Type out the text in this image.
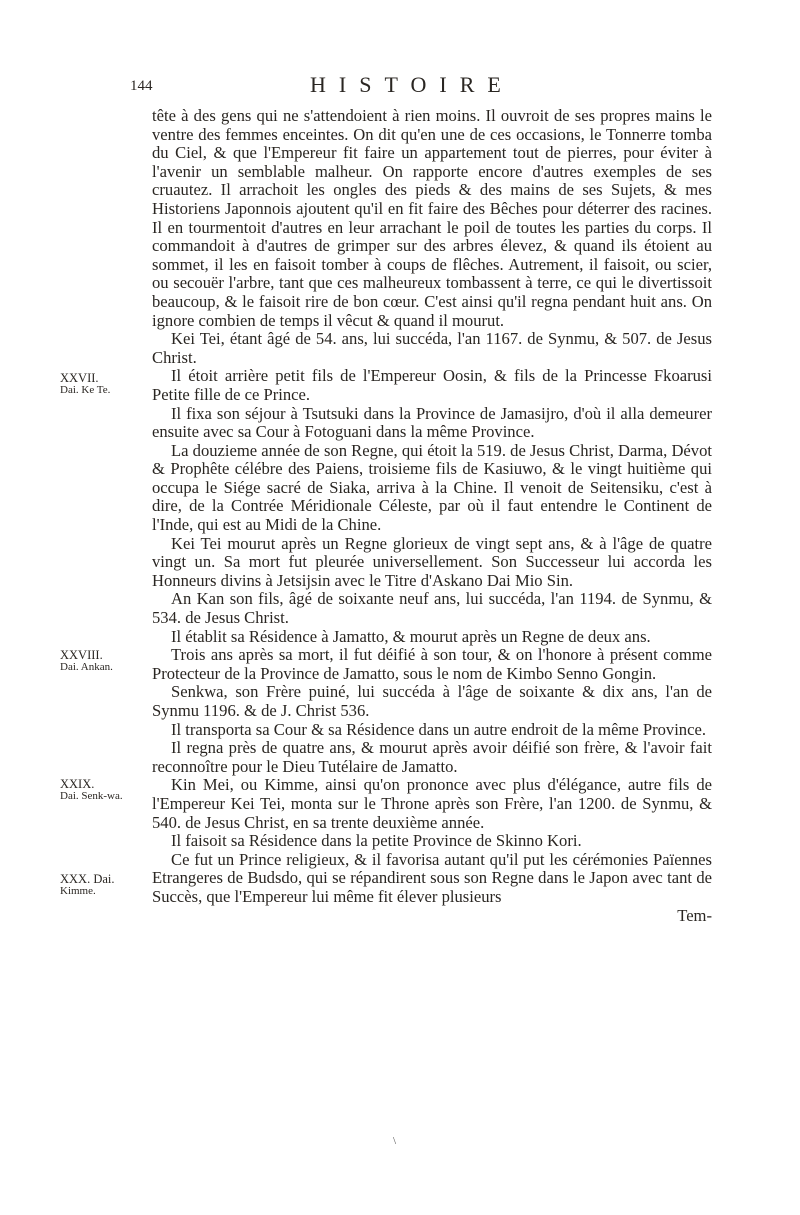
144	HISTOIRE
XXVII.
Dai. Ke Te.
XXVIII.
Dai. Ankan.
XXIX.
Dai. Senk-wa.
XXX. Dai.
Kimme.

tête à des gens qui ne s'attendoient à rien moins. Il ouvroit de ses propres mains le ventre des femmes enceintes. On dit qu'en une de ces occasions, le Tonnerre tomba du Ciel, & que l'Empereur fit faire un appartement tout de pierres, pour éviter à l'avenir un semblable malheur. On rapporte encore d'autres exemples de ses cruautez. Il arrachoit les ongles des pieds & des mains de ses Sujets, & mes Historiens Japonnois ajoutent qu'il en fit faire des Bêches pour déterrer des racines. Il en tourmentoit d'autres en leur arrachant le poil de toutes les parties du corps. Il commandoit à d'autres de grimper sur des arbres élevez, & quand ils étoient au sommet, il les en faisoit tomber à coups de flêches. Autrement, il faisoit, ou scier, ou secouër l'arbre, tant que ces malheureux tombassent à terre, ce qui le divertissoit beaucoup, & le faisoit rire de bon cœur. C'est ainsi qu'il regna pendant huit ans. On ignore combien de temps il vêcut & quand il mourut.

Kei Tei, étant âgé de 54. ans, lui succéda, l'an 1167. de Synmu, & 507. de Jesus Christ.

Il étoit arrière petit fils de l'Empereur Oosin, & fils de la Princesse Fkoarusi Petite fille de ce Prince.

Il fixa son séjour à Tsutsuki dans la Province de Jamasijro, d'où il alla demeurer ensuite avec sa Cour à Fotoguani dans la même Province.

La douzieme année de son Regne, qui étoit la 519. de Jesus Christ, Darma, Dévot & Prophête célébre des Paiens, troisieme fils de Kasiuwo, & le vingt huitième qui occupa le Siége sacré de Siaka, arriva à la Chine. Il venoit de Seitensiku, c'est à dire, de la Contrée Méridionale Céleste, par où il faut entendre le Continent de l'Inde, qui est au Midi de la Chine.

Kei Tei mourut après un Regne glorieux de vingt sept ans, & à l'âge de quatre vingt un. Sa mort fut pleurée universellement. Son Successeur lui accorda les Honneurs divins à Jetsijsin avec le Titre d'Askano Dai Mio Sin.

An Kan son fils, âgé de soixante neuf ans, lui succéda, l'an 1194. de Synmu, & 534. de Jesus Christ.

Il établit sa Résidence à Jamatto, & mourut après un Regne de deux ans.

Trois ans après sa mort, il fut déifié à son tour, & on l'honore à présent comme Protecteur de la Province de Jamatto, sous le nom de Kimbo Senno Gongin.

Senkwa, son Frère puiné, lui succéda à l'âge de soixante & dix ans, l'an de Synmu 1196. & de J. Christ 536.

Il transporta sa Cour & sa Résidence dans un autre endroit de la même Province.

Il regna près de quatre ans, & mourut après avoir déifié son frère, & l'avoir fait reconnoître pour le Dieu Tutélaire de Jamatto.

Kin Mei, ou Kimme, ainsi qu'on prononce avec plus d'élégance, autre fils de l'Empereur Kei Tei, monta sur le Throne après son Frère, l'an 1200. de Synmu, & 540. de Jesus Christ, en sa trente deuxième année.

Il faisoit sa Résidence dans la petite Province de Skinno Kori.

Ce fut un Prince religieux, & il favorisa autant qu'il put les cérémonies Païennes Etrangeres de Budsdo, qui se répandirent sous son Regne dans le Japon avec tant de Succès, que l'Empereur lui même fit élever plusieurs

Tem-

\
